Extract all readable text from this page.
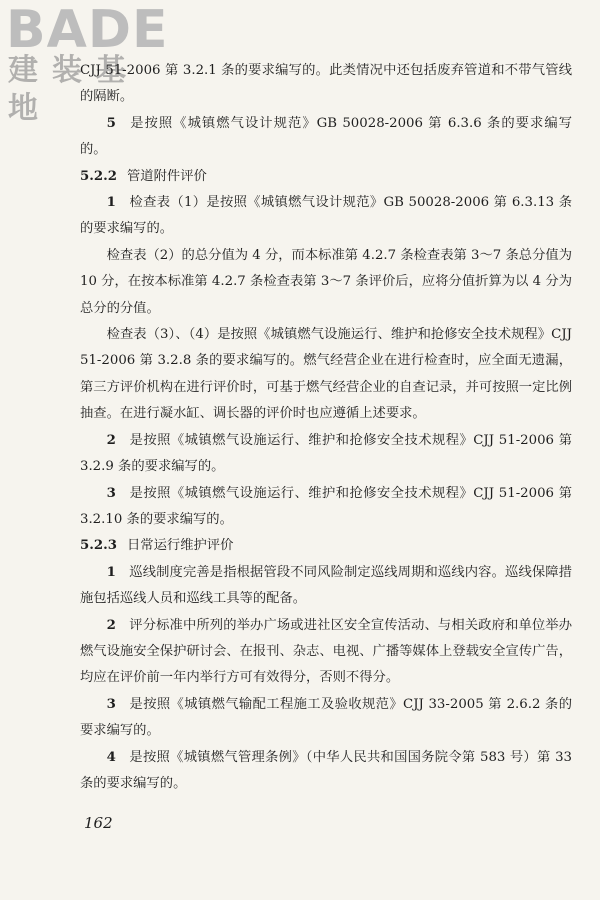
BADE
建装基地

CJJ 51-2006 第 3.2.1 条的要求编写的。此类情况中还包括废弃管道和不带气管线的隔断。

5  是按照《城镇燃气设计规范》GB 50028-2006 第 6.3.6 条的要求编写的。

5.2.2 管道附件评价

1  检查表（1）是按照《城镇燃气设计规范》GB 50028-2006 第 6.3.13 条的要求编写的。

检查表（2）的总分值为 4 分，而本标准第 4.2.7 条检查表第 3～7 条总分值为 10 分，在按本标准第 4.2.7 条检查表第 3～7 条评价后，应将分值折算为以 4 分为总分的分值。

检查表（3）、（4）是按照《城镇燃气设施运行、维护和抢修安全技术规程》CJJ 51-2006 第 3.2.8 条的要求编写的。燃气经营企业在进行检查时，应全面无遗漏，第三方评价机构在进行评价时，可基于燃气经营企业的自查记录，并可按照一定比例抽查。在进行凝水缸、调长器的评价时也应遵循上述要求。

2  是按照《城镇燃气设施运行、维护和抢修安全技术规程》CJJ 51-2006 第 3.2.9 条的要求编写的。

3  是按照《城镇燃气设施运行、维护和抢修安全技术规程》CJJ 51-2006 第 3.2.10 条的要求编写的。

5.2.3 日常运行维护评价

1  巡线制度完善是指根据管段不同风险制定巡线周期和巡线内容。巡线保障措施包括巡线人员和巡线工具等的配备。

2  评分标准中所列的举办广场或进社区安全宣传活动、与相关政府和单位举办燃气设施安全保护研讨会、在报刊、杂志、电视、广播等媒体上登载安全宣传广告，均应在评价前一年内举行方可有效得分，否则不得分。

3  是按照《城镇燃气输配工程施工及验收规范》CJJ 33-2005 第 2.6.2 条的要求编写的。

4  是按照《城镇燃气管理条例》（中华人民共和国国务院令第 583 号）第 33 条的要求编写的。

162
